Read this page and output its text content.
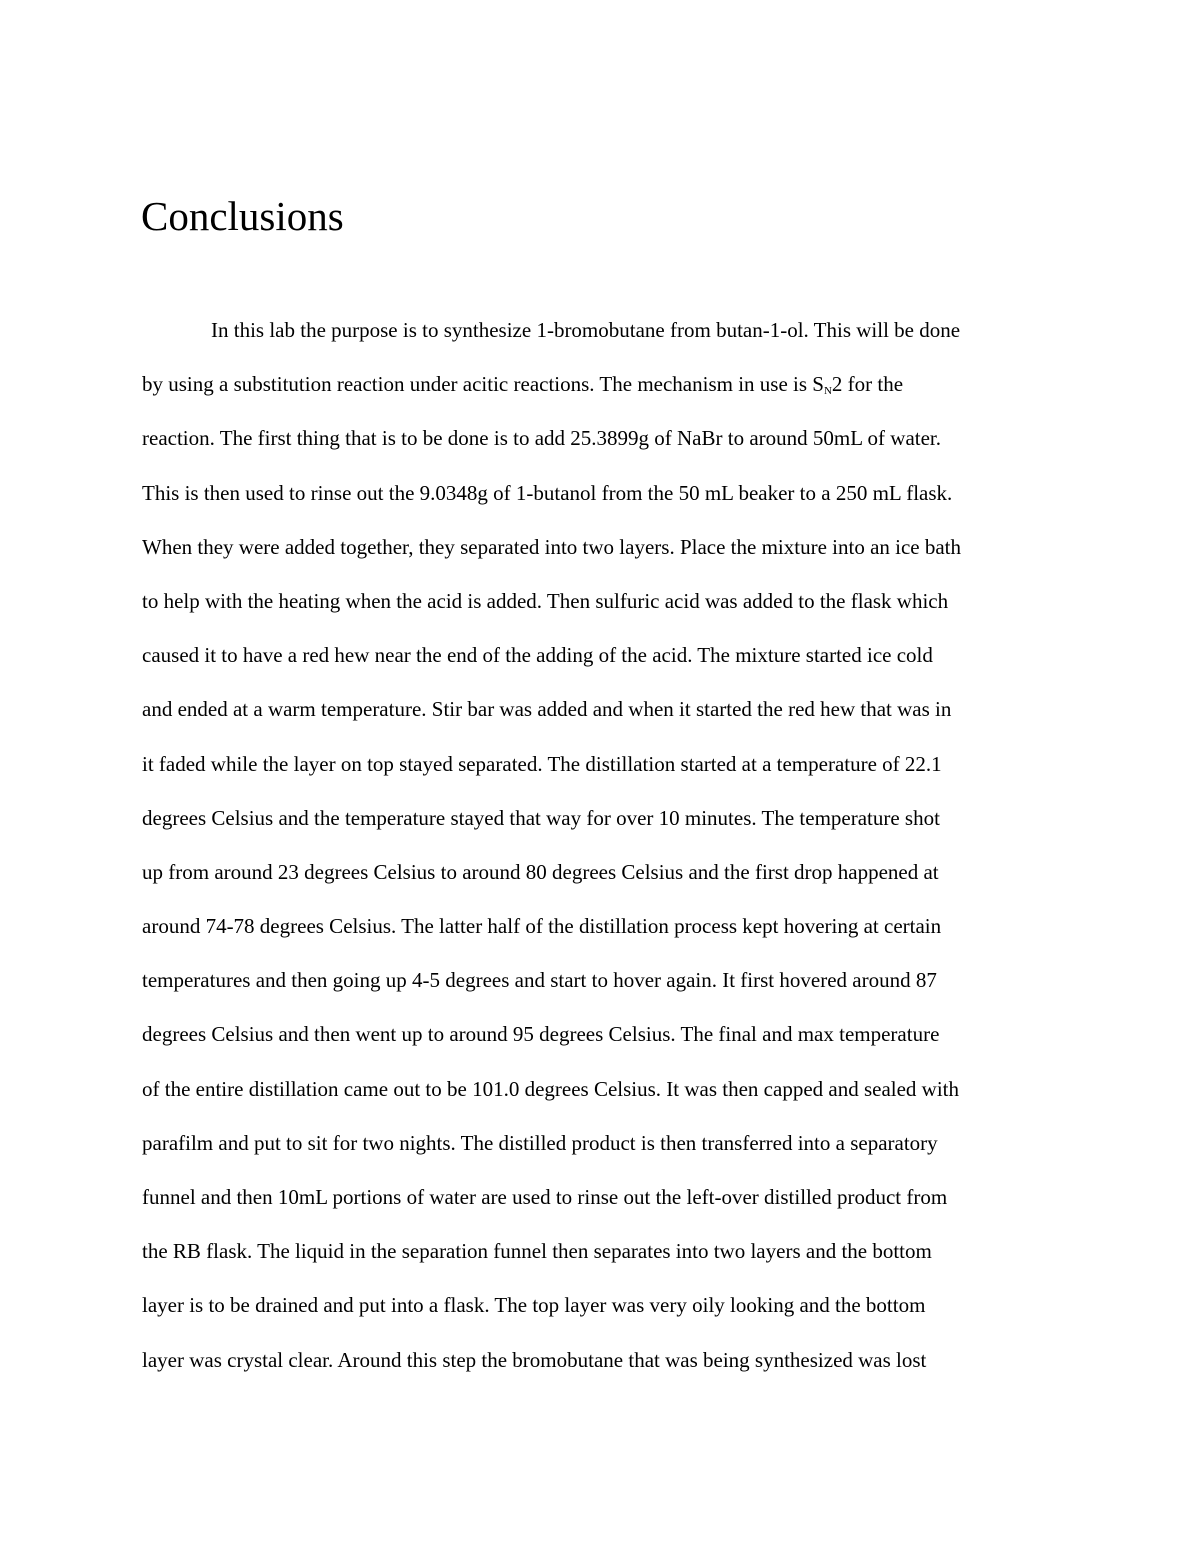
Conclusions
In this lab the purpose is to synthesize 1-bromobutane from butan-1-ol. This will be done
by using a substitution reaction under acitic reactions. The mechanism in use is $S_N2$ for the
reaction. The first thing that is to be done is to add 25.3899g of NaBr to around 50mL of water.
This is then used to rinse out the 9.0348g of 1-butanol from the 50 mL beaker to a 250 mL flask.
When they were added together, they separated into two layers. Place the mixture into an ice bath
to help with the heating when the acid is added. Then sulfuric acid was added to the flask which
caused it to have a red hew near the end of the adding of the acid. The mixture started ice cold
and ended at a warm temperature. Stir bar was added and when it started the red hew that was in
it faded while the layer on top stayed separated. The distillation started at a temperature of 22.1
degrees Celsius and the temperature stayed that way for over 10 minutes. The temperature shot
up from around 23 degrees Celsius to around 80 degrees Celsius and the first drop happened at
around 74-78 degrees Celsius. The latter half of the distillation process kept hovering at certain
temperatures and then going up 4-5 degrees and start to hover again. It first hovered around 87
degrees Celsius and then went up to around 95 degrees Celsius. The final and max temperature
of the entire distillation came out to be 101.0 degrees Celsius. It was then capped and sealed with
parafilm and put to sit for two nights. The distilled product is then transferred into a separatory
funnel and then 10mL portions of water are used to rinse out the left-over distilled product from
the RB flask. The liquid in the separation funnel then separates into two layers and the bottom
layer is to be drained and put into a flask. The top layer was very oily looking and the bottom
layer was crystal clear. Around this step the bromobutane that was being synthesized was lost
